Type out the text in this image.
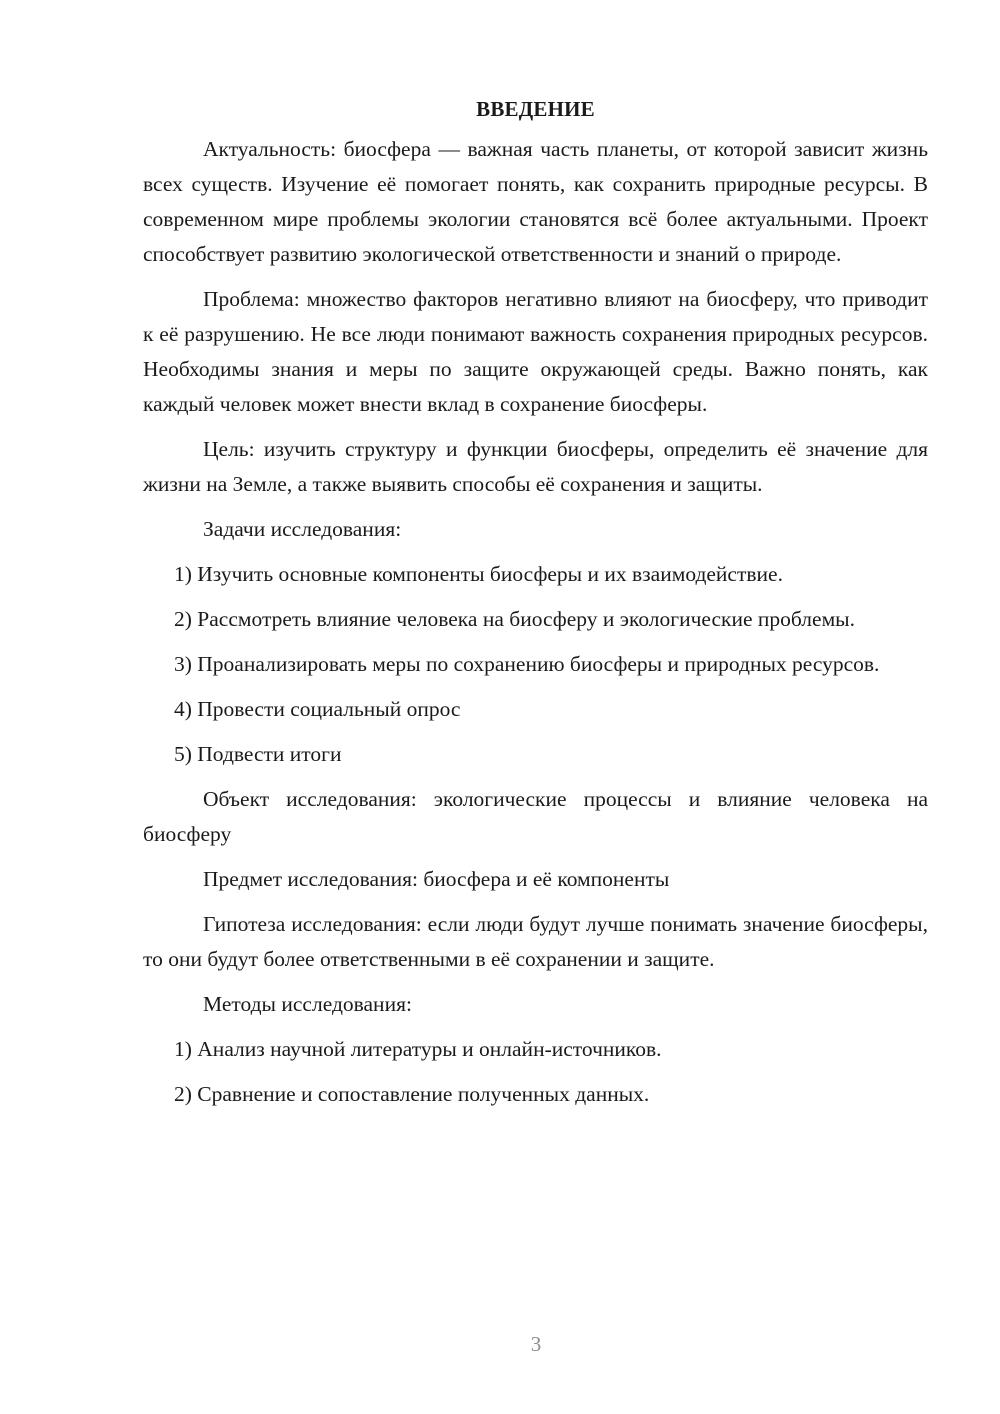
ВВЕДЕНИЕ

Актуальность: биосфера — важная часть планеты, от которой зависит жизнь всех существ. Изучение её помогает понять, как сохранить природные ресурсы. В современном мире проблемы экологии становятся всё более актуальными. Проект способствует развитию экологической ответственности и знаний о природе.

Проблема: множество факторов негативно влияют на биосферу, что приводит к её разрушению. Не все люди понимают важность сохранения природных ресурсов. Необходимы знания и меры по защите окружающей среды. Важно понять, как каждый человек может внести вклад в сохранение биосферы.

Цель: изучить структуру и функции биосферы, определить её значение для жизни на Земле, а также выявить способы её сохранения и защиты.

Задачи исследования:

1) Изучить основные компоненты биосферы и их взаимодействие.

2) Рассмотреть влияние человека на биосферу и экологические проблемы.

3) Проанализировать меры по сохранению биосферы и природных ресурсов.

4) Провести социальный опрос

5) Подвести итоги

Объект исследования: экологические процессы и влияние человека на биосферу

Предмет исследования: биосфера и её компоненты

Гипотеза исследования: если люди будут лучше понимать значение биосферы, то они будут более ответственными в её сохранении и защите.

Методы исследования:

1) Анализ научной литературы и онлайн-источников.

2) Сравнение и сопоставление полученных данных.

3
